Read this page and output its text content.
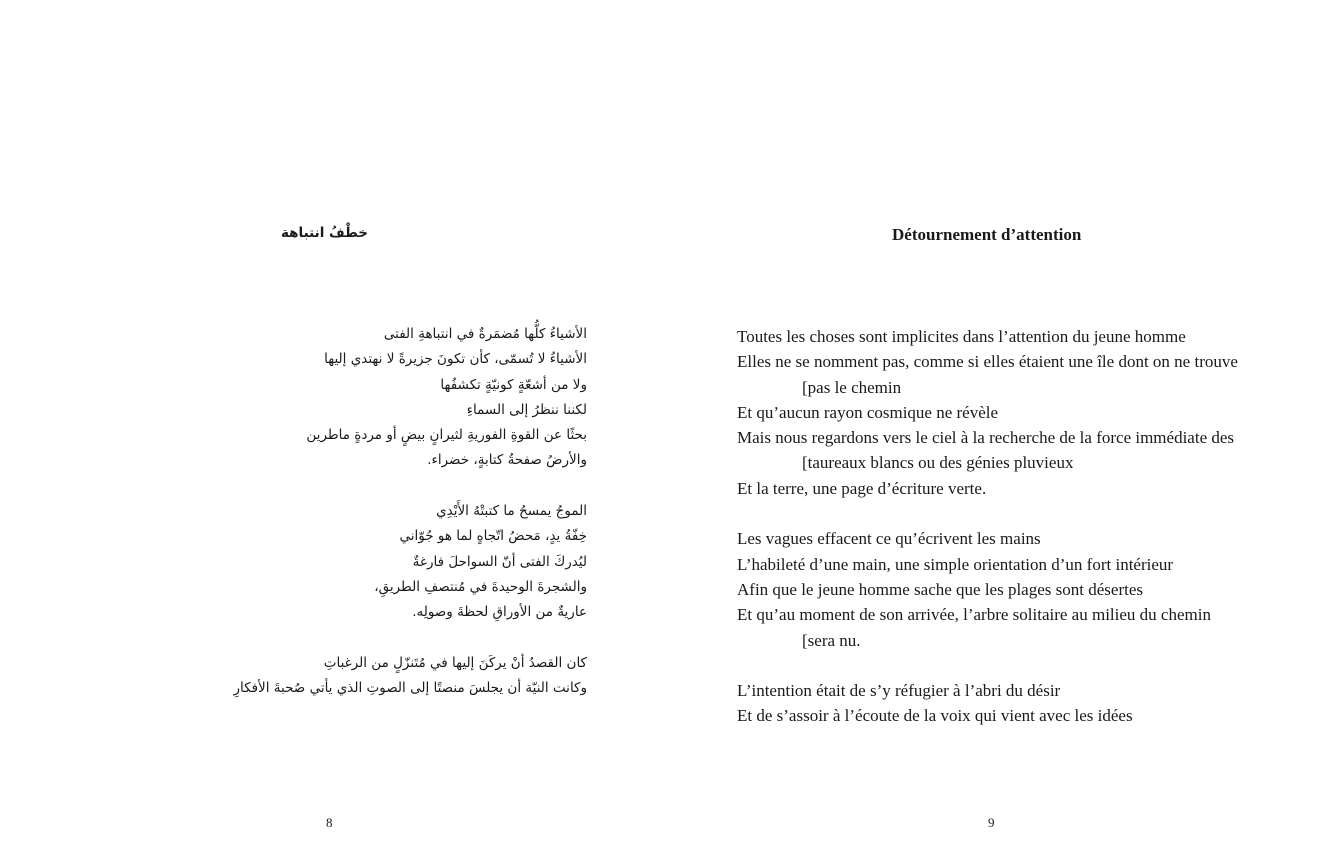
خطْفُ انتباهة
الأشياءُ كلُّها مُضمَرةٌ في انتباهةِ الفتى
الأشياءُ لا تُسمّى، كأن تكونَ جزيرةً لا نهتدي إليها
ولا من أشعّةٍ كونيّةٍ تكشفُها
لكننا ننظرُ إلى السماءِ
بحثًا عن القوةِ الفوريةِ لثيرانٍ بيضٍ أو مردةٍ ماطرين
والأرضُ صفحةُ كتابةٍ، خضراء.
الموجُ يمسحُ ما كتبتْهُ الأَيْدِي
خِفّةُ يدٍ، مَحضُ اتّجاهٍ لما هو جُوّاني
ليُدركَ الفتى أنّ السواحلَ فارغةٌ
والشجرةَ الوحيدةَ في مُنتصفِ الطريقِ،
عاريةٌ من الأوراقِ لحظةَ وصولِه.
كان القصدُ أنْ يركَنَ إليها في مُتَنزّلٍ من الرغباتِ
وكانت النيّة أن يجلسَ منصتًا إلى الصوتِ الذي يأتي صُحبةَ الأفكارِ
8
Détournement d’attention
Toutes les choses sont implicites dans l’attention du jeune homme
Elles ne se nomment pas, comme si elles étaient une île dont on ne trouve
[pas le chemin
Et qu’aucun rayon cosmique ne révèle
Mais nous regardons vers le ciel à la recherche de la force immédiate des
[taureaux blancs ou des génies pluvieux
Et la terre, une page d’écriture verte.
Les vagues effacent ce qu’écrivent les mains
L’habileté d’une main, une simple orientation d’un fort intérieur
Afin que le jeune homme sache que les plages sont désertes
Et qu’au moment de son arrivée, l’arbre solitaire au milieu du chemin
[sera nu.
L’intention était de s’y réfugier à l’abri du désir
Et de s’assoir à l’écoute de la voix qui vient avec les idées
9
